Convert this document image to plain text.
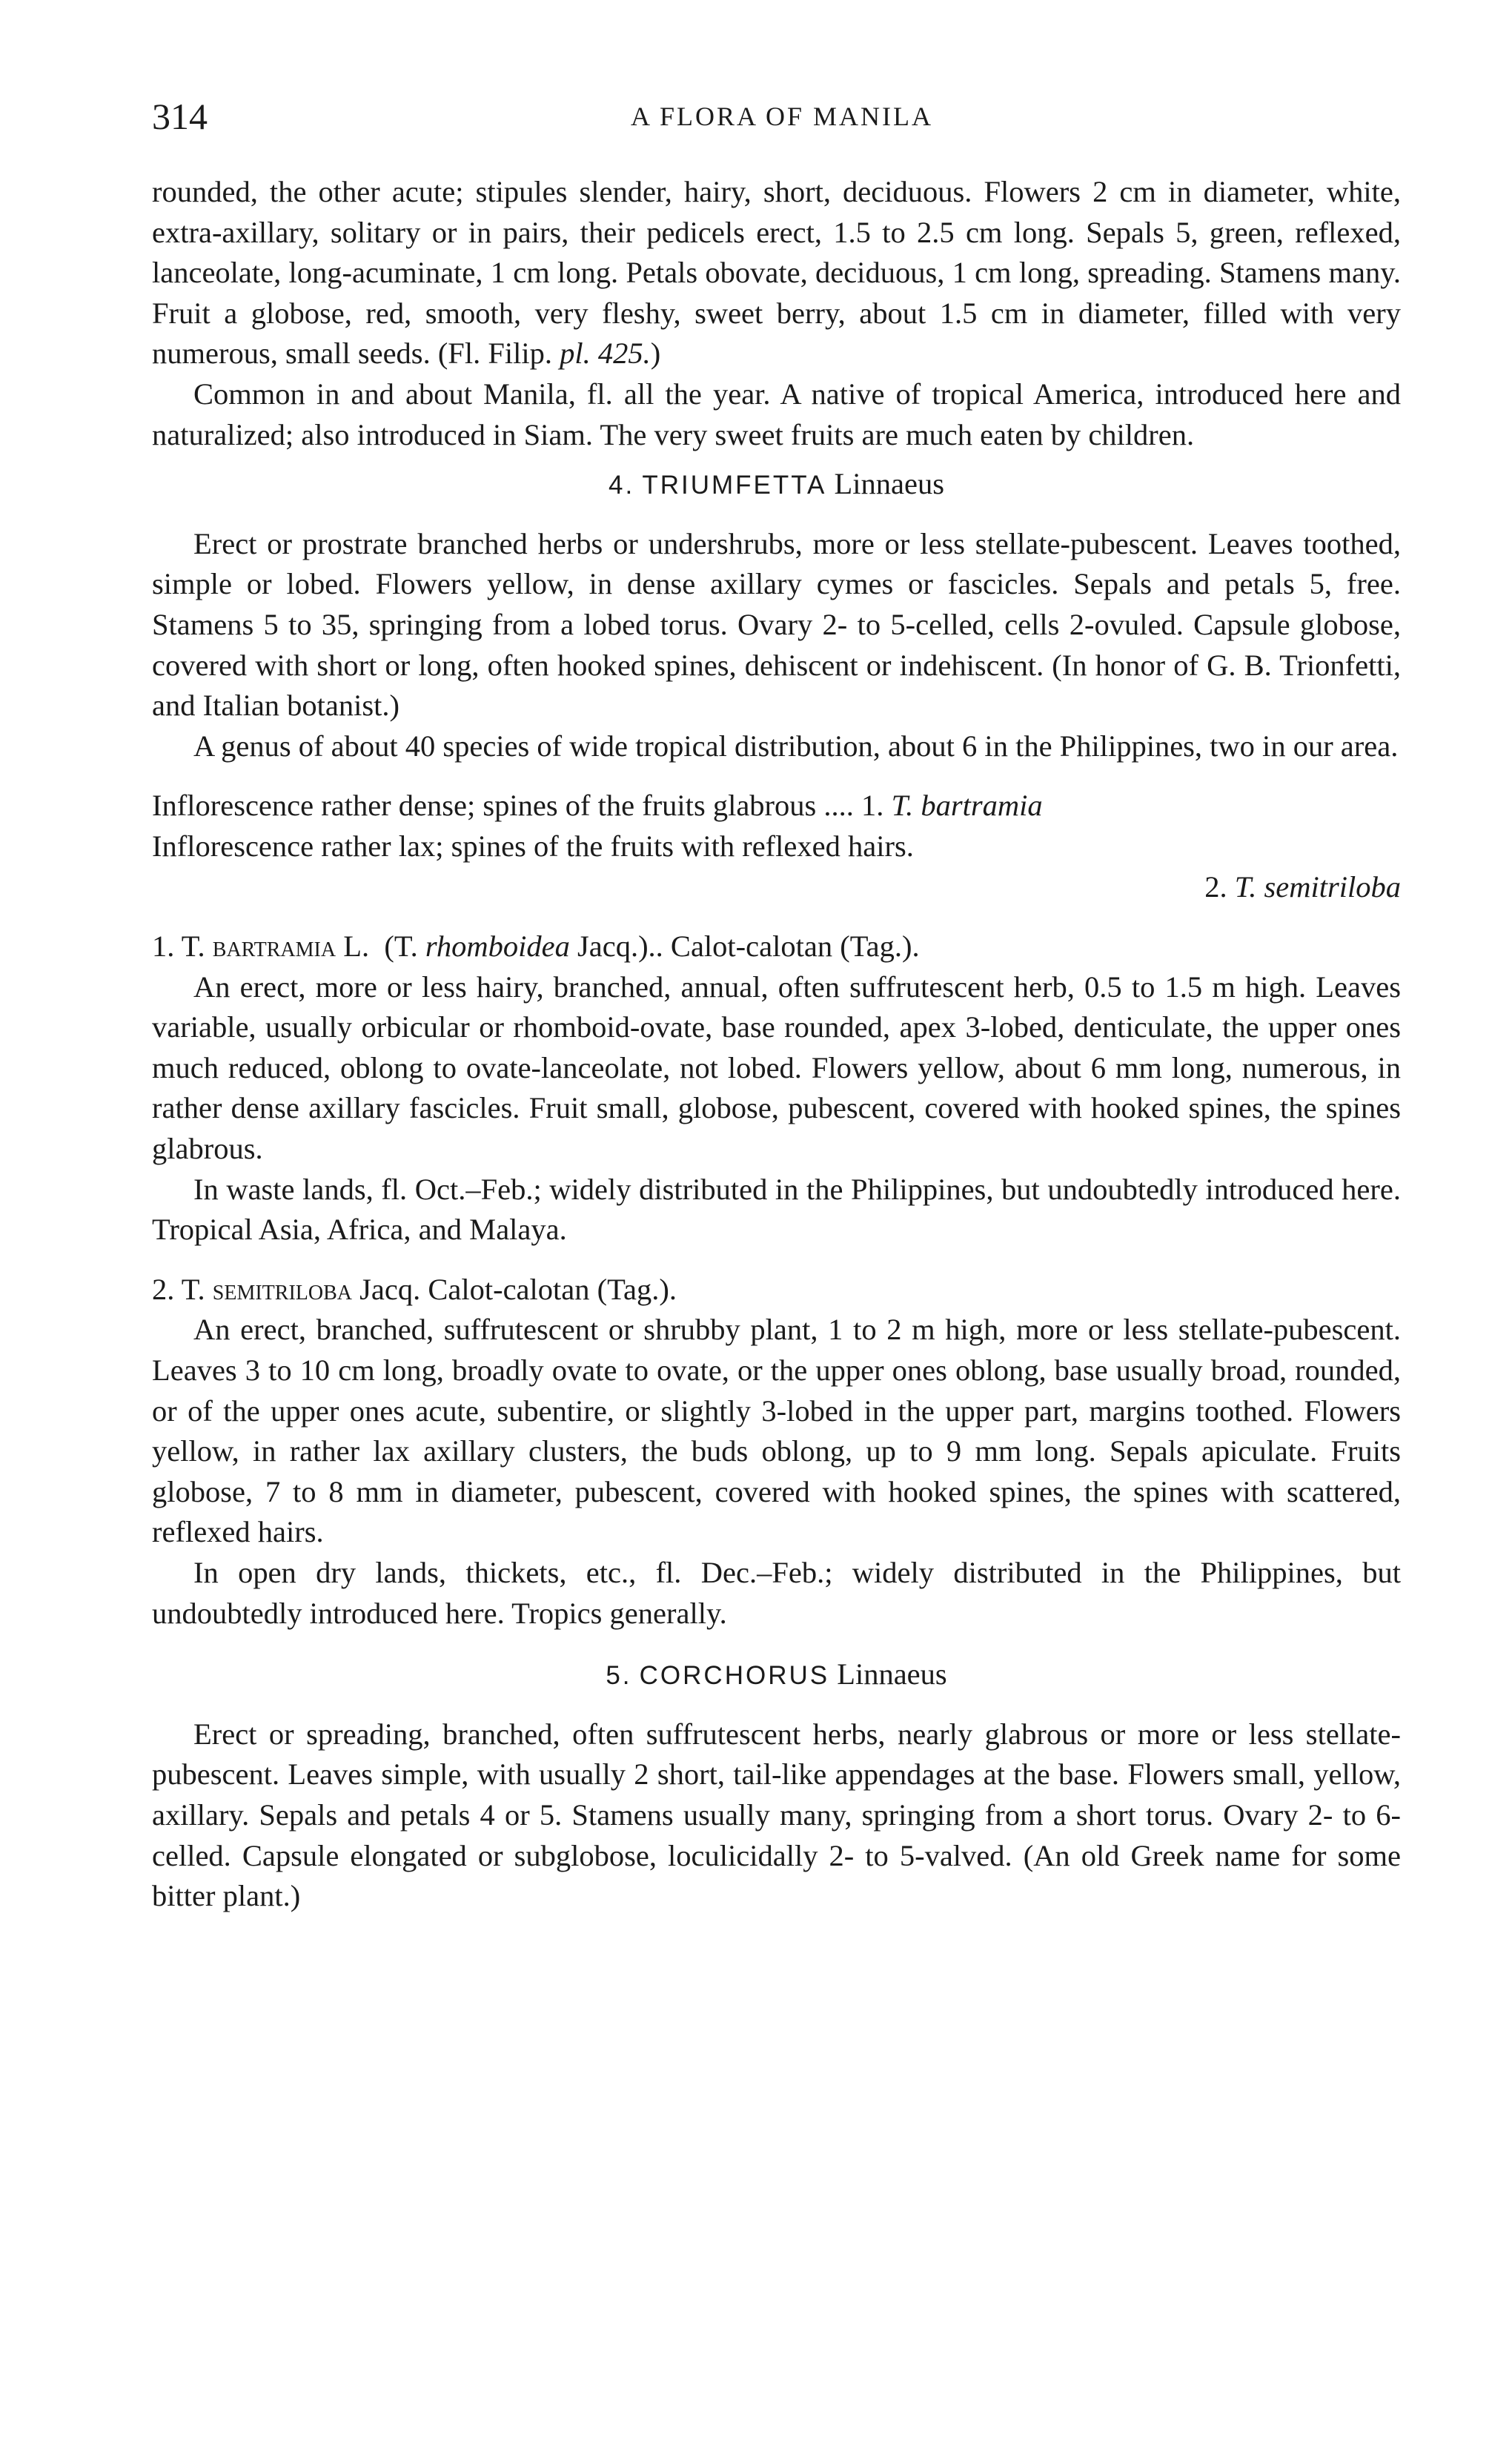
314	A FLORA OF MANILA

rounded, the other acute; stipules slender, hairy, short, deciduous. Flowers 2 cm in diameter, white, extra-axillary, solitary or in pairs, their pedicels erect, 1.5 to 2.5 cm long. Sepals 5, green, reflexed, lanceolate, long-acuminate, 1 cm long. Petals obovate, deciduous, 1 cm long, spreading. Stamens many. Fruit a globose, red, smooth, very fleshy, sweet berry, about 1.5 cm in diameter, filled with very numerous, small seeds. (Fl. Filip. pl. 425.)

Common in and about Manila, fl. all the year. A native of tropical America, introduced here and naturalized; also introduced in Siam. The very sweet fruits are much eaten by children.

4. TRIUMFETTA Linnaeus

Erect or prostrate branched herbs or undershrubs, more or less stellate-pubescent. Leaves toothed, simple or lobed. Flowers yellow, in dense axillary cymes or fascicles. Sepals and petals 5, free. Stamens 5 to 35, springing from a lobed torus. Ovary 2- to 5-celled, cells 2-ovuled. Capsule globose, covered with short or long, often hooked spines, dehiscent or indehiscent. (In honor of G. B. Trionfetti, and Italian botanist.)

A genus of about 40 species of wide tropical distribution, about 6 in the Philippines, two in our area.

Inflorescence rather dense; spines of the fruits glabrous .... 1. T. bartramia

Inflorescence rather lax; spines of the fruits with reflexed hairs.

2. T. semitriloba

1. T. bartramia L. (T. rhomboidea Jacq.).. Calot-calotan (Tag.).

An erect, more or less hairy, branched, annual, often suffrutescent herb, 0.5 to 1.5 m high. Leaves variable, usually orbicular or rhomboid-ovate, base rounded, apex 3-lobed, denticulate, the upper ones much reduced, oblong to ovate-lanceolate, not lobed. Flowers yellow, about 6 mm long, numerous, in rather dense axillary fascicles. Fruit small, globose, pubescent, covered with hooked spines, the spines glabrous.

In waste lands, fl. Oct.–Feb.; widely distributed in the Philippines, but undoubtedly introduced here. Tropical Asia, Africa, and Malaya.

2. T. semitriloba Jacq. Calot-calotan (Tag.).

An erect, branched, suffrutescent or shrubby plant, 1 to 2 m high, more or less stellate-pubescent. Leaves 3 to 10 cm long, broadly ovate to ovate, or the upper ones oblong, base usually broad, rounded, or of the upper ones acute, subentire, or slightly 3-lobed in the upper part, margins toothed. Flowers yellow, in rather lax axillary clusters, the buds oblong, up to 9 mm long. Sepals apiculate. Fruits globose, 7 to 8 mm in diameter, pubescent, covered with hooked spines, the spines with scattered, reflexed hairs.

In open dry lands, thickets, etc., fl. Dec.–Feb.; widely distributed in the Philippines, but undoubtedly introduced here. Tropics generally.

5. CORCHORUS Linnaeus

Erect or spreading, branched, often suffrutescent herbs, nearly glabrous or more or less stellate-pubescent. Leaves simple, with usually 2 short, tail-like appendages at the base. Flowers small, yellow, axillary. Sepals and petals 4 or 5. Stamens usually many, springing from a short torus. Ovary 2- to 6-celled. Capsule elongated or subglobose, loculicidally 2- to 5-valved. (An old Greek name for some bitter plant.)
